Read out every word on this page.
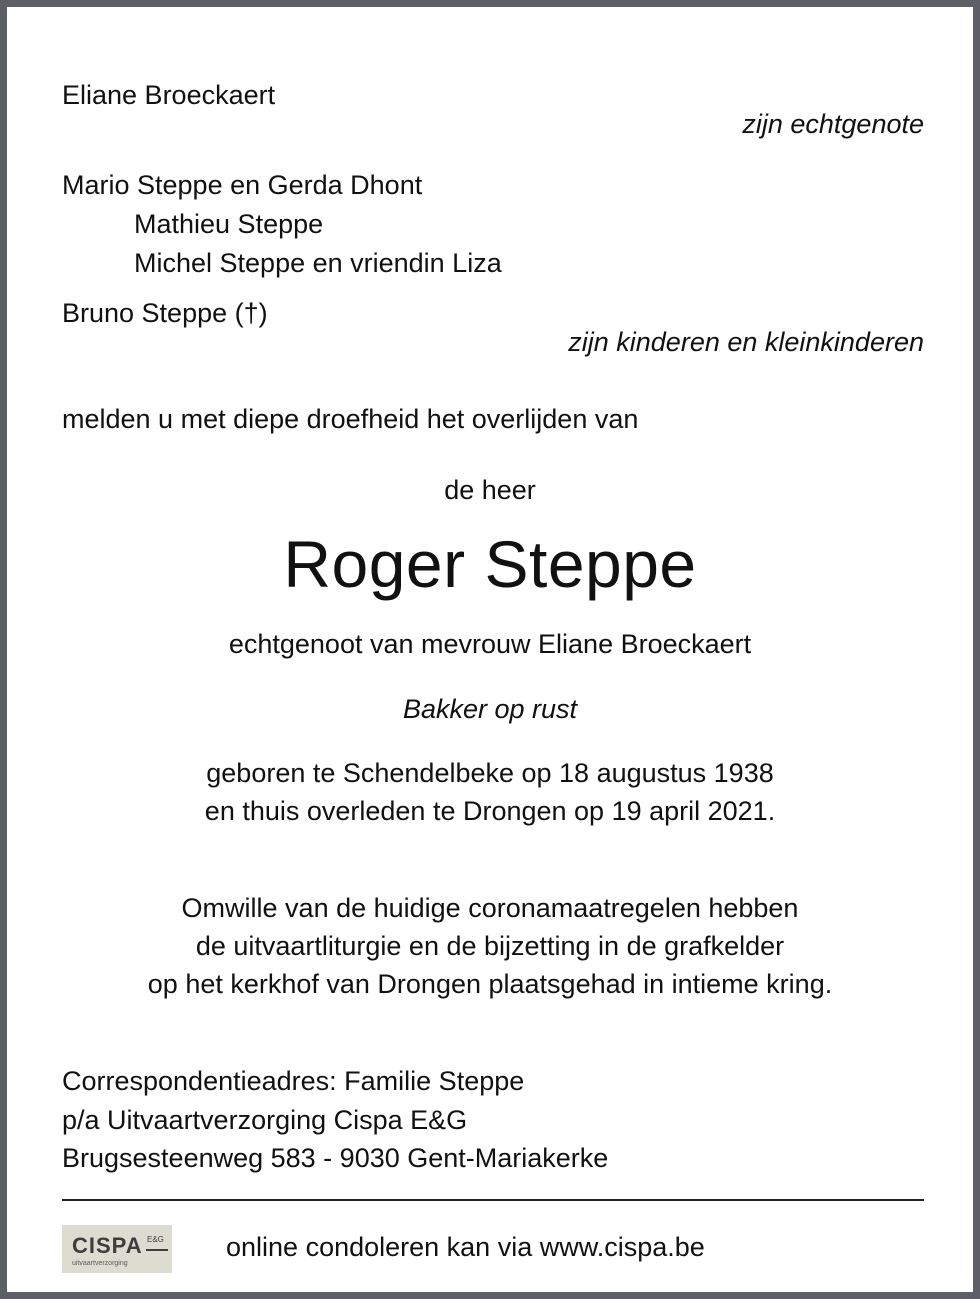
Eliane Broeckaert

zijn echtgenote

Mario Steppe en Gerda Dhont

Mathieu Steppe

Michel Steppe en vriendin Liza

Bruno Steppe (†)

zijn kinderen en kleinkinderen

melden u met diepe droefheid het overlijden van

de heer

Roger Steppe

echtgenoot van mevrouw Eliane Broeckaert

Bakker op rust

geboren te Schendelbeke op 18 augustus 1938

en thuis overleden te Drongen op 19 april 2021.

Omwille van de huidige coronamaatregelen hebben

de uitvaartliturgie en de bijzetting in de grafkelder

op het kerkhof van Drongen plaatsgehad in intieme kring.

Correspondentieadres: Familie Steppe

p/a Uitvaartverzorging Cispa E&G

Brugsesteenweg 583 - 9030 Gent-Mariakerke

CISPA E&G
uitvaartverzorging

online condoleren kan via www.cispa.be
